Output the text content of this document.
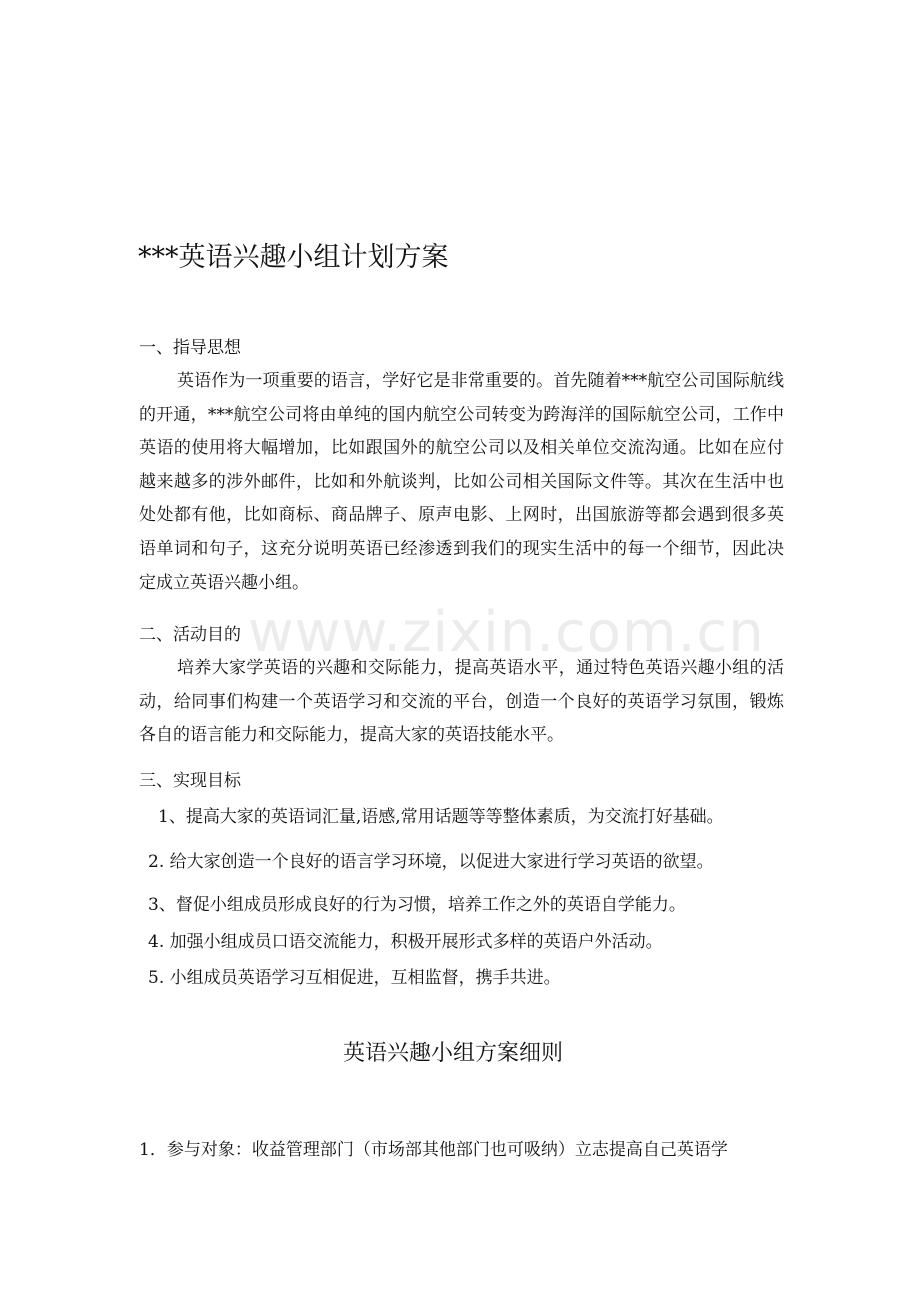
www.zixin.com.cn
***英语兴趣小组计划方案
一、指导思想
英语作为一项重要的语言，学好它是非常重要的。首先随着***航空公司国际航线的开通，***航空公司将由单纯的国内航空公司转变为跨海洋的国际航空公司，工作中英语的使用将大幅增加，比如跟国外的航空公司以及相关单位交流沟通。比如在应付越来越多的涉外邮件，比如和外航谈判，比如公司相关国际文件等。其次在生活中也处处都有他，比如商标、商品牌子、原声电影、上网时，出国旅游等都会遇到很多英语单词和句子，这充分说明英语已经渗透到我们的现实生活中的每一个细节，因此决定成立英语兴趣小组。
二、活动目的
培养大家学英语的兴趣和交际能力，提高英语水平，通过特色英语兴趣小组的活动，给同事们构建一个英语学习和交流的平台，创造一个良好的英语学习氛围，锻炼各自的语言能力和交际能力，提高大家的英语技能水平。
三、实现目标
1、提高大家的英语词汇量,语感,常用话题等等整体素质，为交流打好基础。
2. 给大家创造一个良好的语言学习环境，以促进大家进行学习英语的欲望。
3、督促小组成员形成良好的行为习惯，培养工作之外的英语自学能力。
4. 加强小组成员口语交流能力，积极开展形式多样的英语户外活动。
5. 小组成员英语学习互相促进，互相监督，携手共进。
英语兴趣小组方案细则
1．参与对象：收益管理部门（市场部其他部门也可吸纳）立志提高自己英语学
